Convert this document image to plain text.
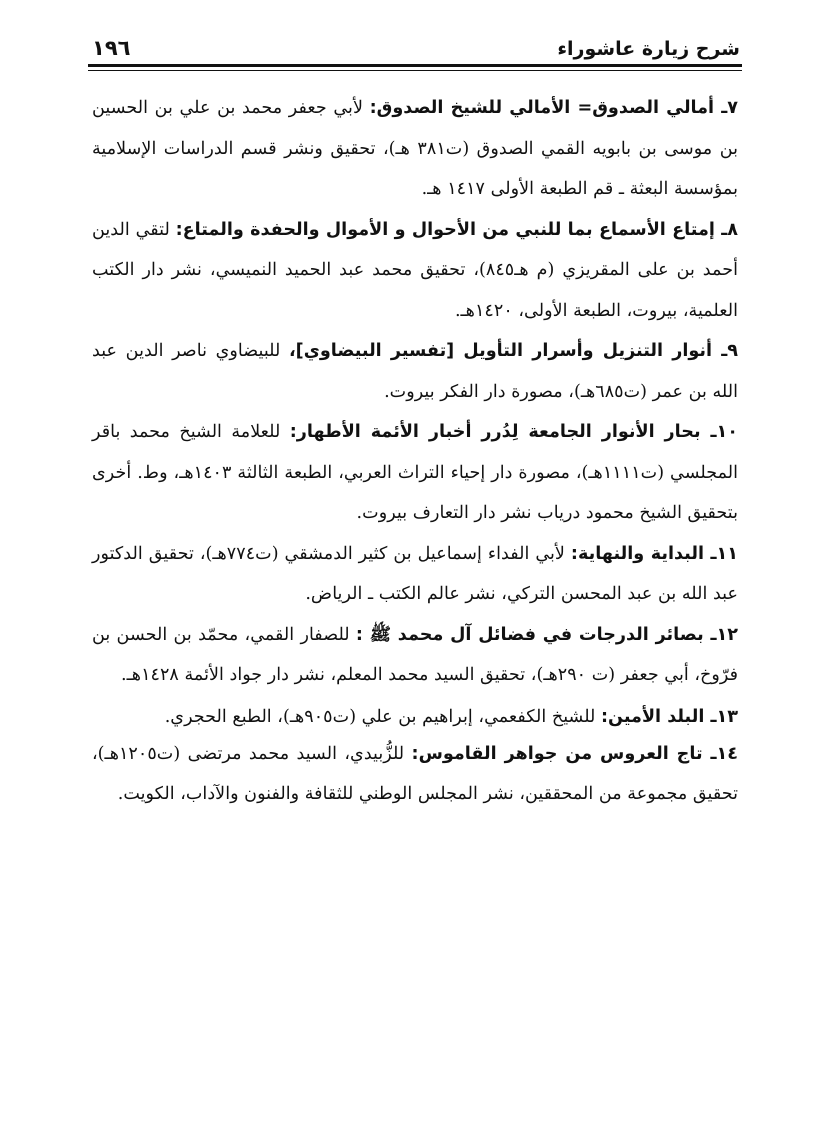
١٩٦	شرح زيارة عاشوراء

٧ـ أمالي الصدوق= الأمالي للشيخ الصدوق: لأبي جعفر محمد بن علي بن الحسين بن موسى بن بابويه القمي الصدوق (ت٣٨١ هـ)، تحقيق ونشر قسم الدراسات الإسلامية بمؤسسة البعثة ـ قم الطبعة الأولى ١٤١٧ هـ.

٨ـ إمتاع الأسماع بما للنبي من الأحوال و الأموال والحفدة والمتاع: لتقي الدين أحمد بن على المقريزي (م هـ٨٤٥)، تحقيق محمد عبد الحميد النميسي، نشر دار الكتب العلمية، بيروت، الطبعة الأولى، ١٤٢٠هـ.

٩ـ أنوار التنزيل وأسرار التأويل [تفسير البيضاوي]، للبيضاوي ناصر الدين عبد الله بن عمر (ت٦٨٥هـ)، مصورة دار الفكر بيروت.

١٠ـ بحار الأنوار الجامعة لِدُرر أخبار الأئمة الأطهار: للعلامة الشيخ محمد باقر المجلسي (ت١١١١هـ)، مصورة دار إحياء التراث العربي، الطبعة الثالثة ١٤٠٣هـ، وط. أخرى بتحقيق الشيخ محمود درياب نشر دار التعارف بيروت.

١١ـ البداية والنهاية: لأبي الفداء إسماعيل بن كثير الدمشقي (ت٧٧٤هـ)، تحقيق الدكتور عبد الله بن عبد المحسن التركي، نشر عالم الكتب ـ الرياض.

١٢ـ بصائر الدرجات في فضائل آل محمد ﷺ : للصفار القمي، محمّد بن الحسن بن فرّوخ، أبي جعفر (ت ٢٩٠هـ)، تحقيق السيد محمد المعلم، نشر دار جواد الأئمة ١٤٢٨هـ.

١٣ـ البلد الأمين: للشيخ الكفعمي، إبراهيم بن علي (ت٩٠٥هـ)، الطبع الحجري.

١٤ـ تاج العروس من جواهر القاموس: للزُّبيدي، السيد محمد مرتضى (ت١٢٠٥هـ)، تحقيق مجموعة من المحققين، نشر المجلس الوطني للثقافة والفنون والآداب، الكويت.
